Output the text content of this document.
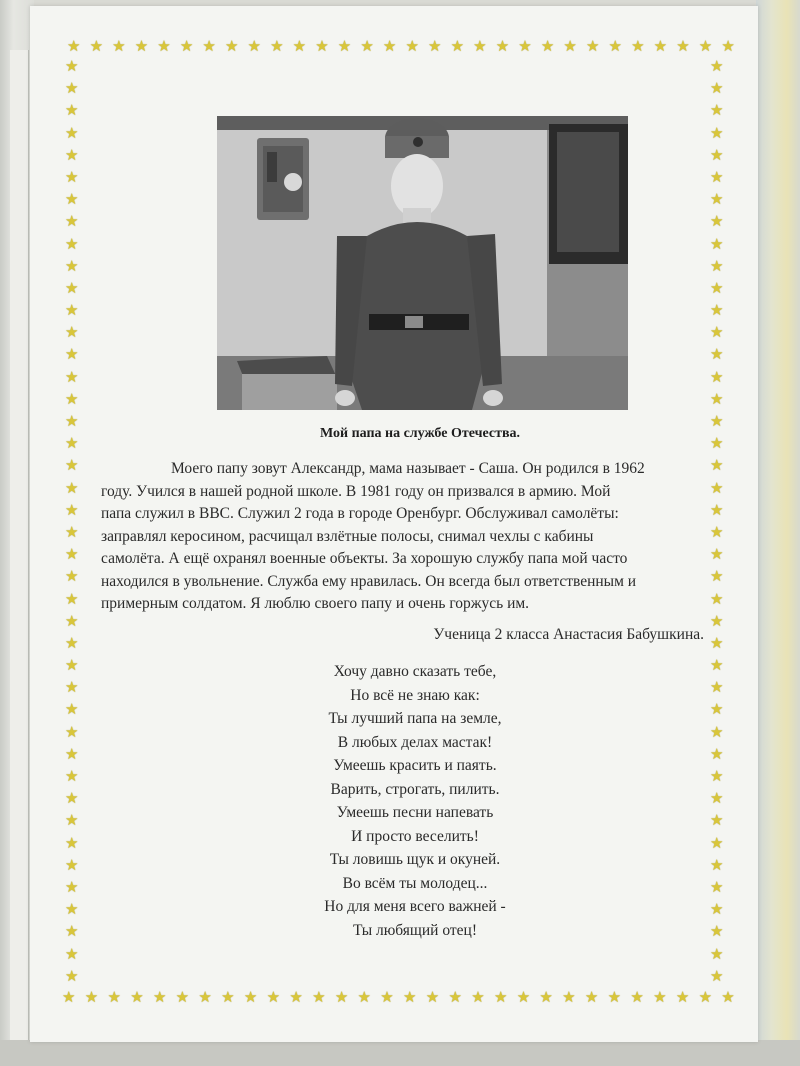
★ ★ ★ ★ ★ ★ ★ ★ ★ ★ ★ ★ ★ ★ ★ ★ ★ ★ ★ ★ ★ ★ ★ ★ ★ ★ ★ ★ ★ ★
★ ★ ★ ★ ★ ★ ★ ★ ★ ★ ★ ★ ★ ★ ★ ★ ★ ★ ★ ★ ★ ★ ★ ★ ★ ★ ★ ★ ★ ★
★
★
★
★
★
★
★
★
★
★
★
★
★
★
★
★
★
★
★
★
★
★
★
★
★
★
★
★
★
★
★
★
★
★
★
★
★
★
★
★
★
★
★
★
★
★
★
★
★
★
★
★
★
★
★
★
★
★
★
★
★
★
★
★
★
★
★
★
★
★
★
★
★
★
★
★
★
★
★
★
★
★
★
★
Мой папа на службе Отечества.
Моего папу зовут Александр, мама называет - Саша. Он родился в 1962
году. Учился в нашей родной школе. В 1981 году он призвался в армию. Мой
папа служил в ВВС. Служил 2 года в городе Оренбург. Обслуживал самолёты:
заправлял керосином, расчищал взлётные полосы, снимал чехлы с кабины
самолёта. А ещё охранял военные объекты. За хорошую службу папа мой часто
находился в увольнение. Служба ему нравилась. Он всегда был ответственным и
примерным солдатом. Я люблю своего папу и очень горжусь им.
Ученица 2 класса Анастасия Бабушкина.
Хочу давно сказать тебе,
Но всё не знаю как:
Ты лучший папа на земле,
В любых делах мастак!
Умеешь красить и паять.
Варить, строгать, пилить.
Умеешь песни напевать
И просто веселить!
Ты ловишь щук и окуней.
Во всём ты молодец...
Но для меня всего важней -
Ты любящий отец!
